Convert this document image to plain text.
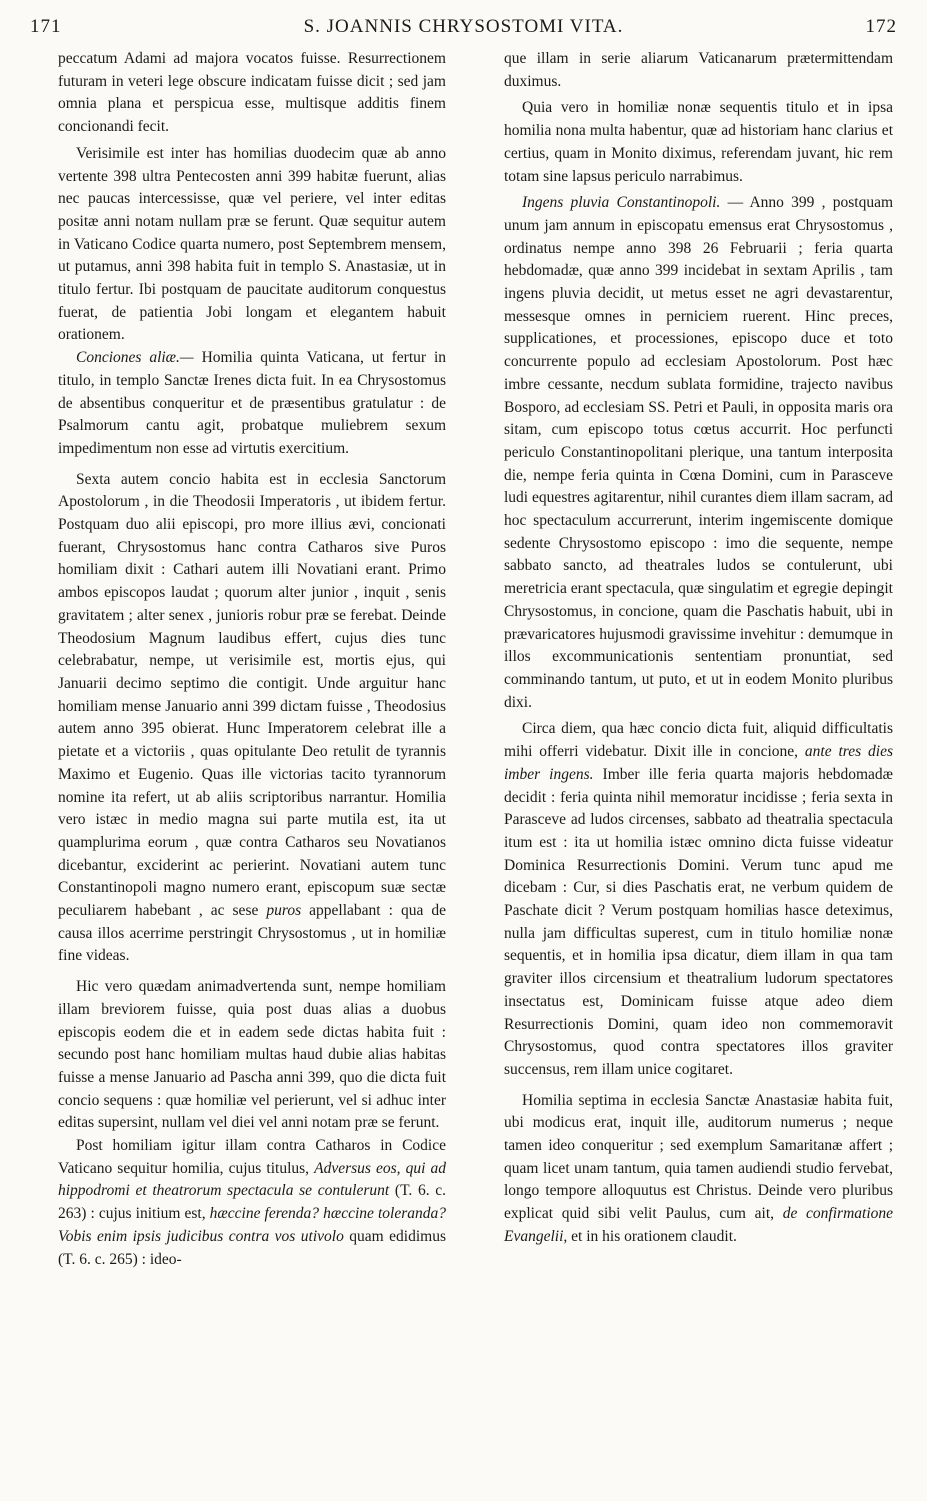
171	S. JOANNIS CHRYSOSTOMI VITA.	172

peccatum Adami ad majora vocatos fuisse. Resurrectionem futuram in veteri lege obscure indicatam fuisse dicit ; sed jam omnia plana et perspicua esse, multisque additis finem concionandi fecit.

Verisimile est inter has homilias duodecim quæ ab anno vertente 398 ultra Pentecosten anni 399 habitæ fuerunt, alias nec paucas intercessisse, quæ vel periere, vel inter editas positæ anni notam nullam præ se ferunt. Quæ sequitur autem in Vaticano Codice quarta numero, post Septembrem mensem, ut putamus, anni 398 habita fuit in templo S. Anastasiæ, ut in titulo fertur. Ibi postquam de paucitate auditorum conquestus fuerat, de patientia Jobi longam et elegantem habuit orationem.

Conciones aliæ.— Homilia quinta Vaticana, ut fertur in titulo, in templo Sanctæ Irenes dicta fuit. In ea Chrysostomus de absentibus conqueritur et de præsentibus gratulatur : de Psalmorum cantu agit, probatque muliebrem sexum impedimentum non esse ad virtutis exercitium.

Sexta autem concio habita est in ecclesia Sanctorum Apostolorum , in die Theodosii Imperatoris , ut ibidem fertur. Postquam duo alii episcopi, pro more illius ævi, concionati fuerant, Chrysostomus hanc contra Catharos sive Puros homiliam dixit : Cathari autem illi Novatiani erant. Primo ambos episcopos laudat ; quorum alter junior , inquit , senis gravitatem ; alter senex , junioris robur præ se ferebat. Deinde Theodosium Magnum laudibus effert, cujus dies tunc celebrabatur, nempe, ut verisimile est, mortis ejus, qui Januarii decimo septimo die contigit. Unde arguitur hanc homiliam mense Januario anni 399 dictam fuisse , Theodosius autem anno 395 obierat. Hunc Imperatorem celebrat ille a pietate et a victoriis , quas opitulante Deo retulit de tyrannis Maximo et Eugenio. Quas ille victorias tacito tyrannorum nomine ita refert, ut ab aliis scriptoribus narrantur. Homilia vero istæc in medio magna sui parte mutila est, ita ut quamplurima eorum , quæ contra Catharos seu Novatianos dicebantur, exciderint ac perierint. Novatiani autem tunc Constantinopoli magno numero erant, episcopum suæ sectæ peculiarem habebant , ac sese puros appellabant : qua de causa illos acerrime perstringit Chrysostomus , ut in homiliæ fine videas.

Hic vero quædam animadvertenda sunt, nempe homiliam illam breviorem fuisse, quia post duas alias a duobus episcopis eodem die et in eadem sede dictas habita fuit : secundo post hanc homiliam multas haud dubie alias habitas fuisse a mense Januario ad Pascha anni 399, quo die dicta fuit concio sequens : quæ homiliæ vel perierunt, vel si adhuc inter editas supersint, nullam vel diei vel anni notam præ se ferunt.

Post homiliam igitur illam contra Catharos in Codice Vaticano sequitur homilia, cujus titulus, Adversus eos, qui ad hippodromi et theatrorum spectacula se contulerunt (T. 6. c. 263) : cujus initium est, hæccine ferenda? hæccine toleranda? Vobis enim ipsis judicibus contra vos utivolo quam edidimus (T. 6. c. 265) : ideo-

que illam in serie aliarum Vaticanarum prætermittendam duximus.

Quia vero in homiliæ nonæ sequentis titulo et in ipsa homilia nona multa habentur, quæ ad historiam hanc clarius et certius, quam in Monito diximus, referendam juvant, hic rem totam sine lapsus periculo narrabimus.

Ingens pluvia Constantinopoli. — Anno 399 , postquam unum jam annum in episcopatu emensus erat Chrysostomus , ordinatus nempe anno 398 26 Februarii ; feria quarta hebdomadæ, quæ anno 399 incidebat in sextam Aprilis , tam ingens pluvia decidit, ut metus esset ne agri devastarentur, messesque omnes in perniciem ruerent. Hinc preces, supplicationes, et processiones, episcopo duce et toto concurrente populo ad ecclesiam Apostolorum. Post hæc imbre cessante, necdum sublata formidine, trajecto navibus Bosporo, ad ecclesiam SS. Petri et Pauli, in opposita maris ora sitam, cum episcopo totus cœtus accurrit. Hoc perfuncti periculo Constantinopolitani plerique, una tantum interposita die, nempe feria quinta in Cœna Domini, cum in Parasceve ludi equestres agitarentur, nihil curantes diem illam sacram, ad hoc spectaculum accurrerunt, interim ingemiscente domique sedente Chrysostomo episcopo : imo die sequente, nempe sabbato sancto, ad theatrales ludos se contulerunt, ubi meretricia erant spectacula, quæ singulatim et egregie depingit Chrysostomus, in concione, quam die Paschatis habuit, ubi in prævaricatores hujusmodi gravissime invehitur : demumque in illos excommunicationis sententiam pronuntiat, sed comminando tantum, ut puto, et ut in eodem Monito pluribus dixi.

Circa diem, qua hæc concio dicta fuit, aliquid difficultatis mihi offerri videbatur. Dixit ille in concione, ante tres dies imber ingens. Imber ille feria quarta majoris hebdomadæ decidit : feria quinta nihil memoratur incidisse ; feria sexta in Parasceve ad ludos circenses, sabbato ad theatralia spectacula itum est : ita ut homilia istæc omnino dicta fuisse videatur Dominica Resurrectionis Domini. Verum tunc apud me dicebam : Cur, si dies Paschatis erat, ne verbum quidem de Paschate dicit ? Verum postquam homilias hasce deteximus, nulla jam difficultas superest, cum in titulo homiliæ nonæ sequentis, et in homilia ipsa dicatur, diem illam in qua tam graviter illos circensium et theatralium ludorum spectatores insectatus est, Dominicam fuisse atque adeo diem Resurrectionis Domini, quam ideo non commemoravit Chrysostomus, quod contra spectatores illos graviter succensus, rem illam unice cogitaret.

Homilia septima in ecclesia Sanctæ Anastasiæ habita fuit, ubi modicus erat, inquit ille, auditorum numerus ; neque tamen ideo conqueritur ; sed exemplum Samaritanæ affert ; quam licet unam tantum, quia tamen audiendi studio fervebat, longo tempore alloquutus est Christus. Deinde vero pluribus explicat quid sibi velit Paulus, cum ait, de confirmatione Evangelii, et in his orationem claudit.
